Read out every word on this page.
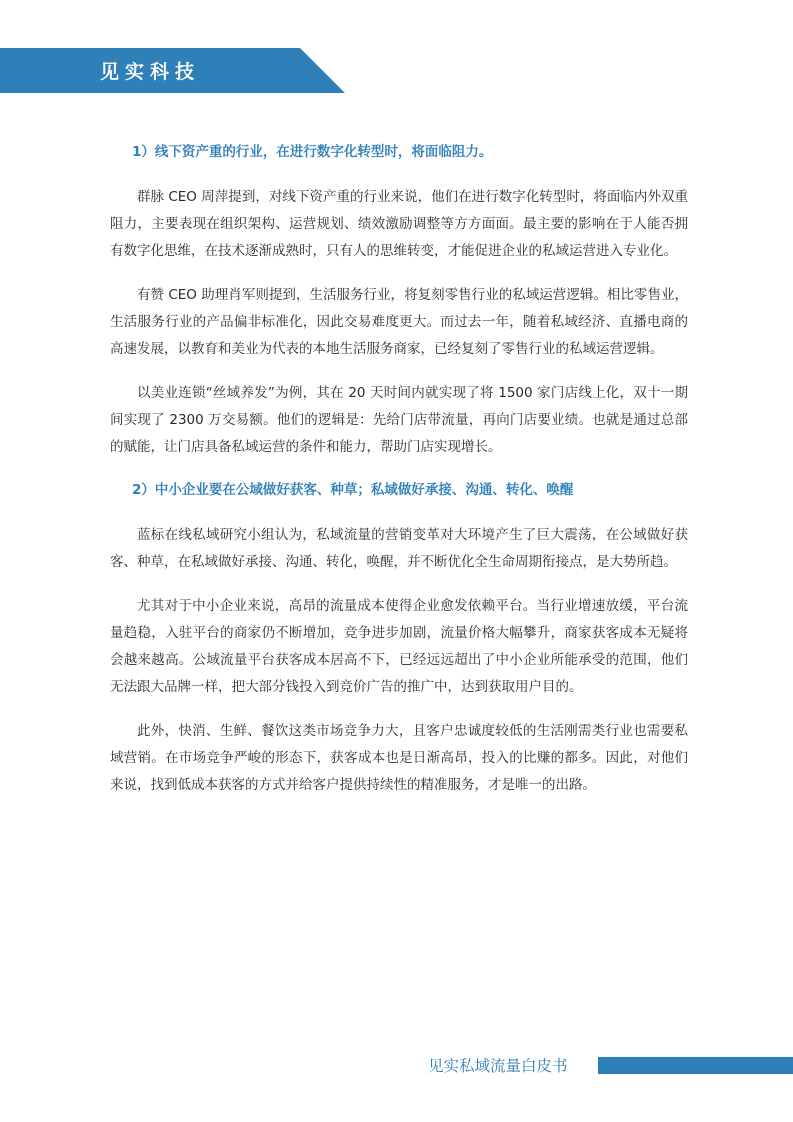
见实科技
1）线下资产重的行业，在进行数字化转型时，将面临阻力。

群脉 CEO 周萍提到，对线下资产重的行业来说，他们在进行数字化转型时，将面临内外双重阻力，主要表现在组织架构、运营规划、绩效激励调整等方方面面。最主要的影响在于人能否拥有数字化思维，在技术逐渐成熟时，只有人的思维转变，才能促进企业的私域运营进入专业化。

有赞 CEO 助理肖军则提到，生活服务行业，将复刻零售行业的私域运营逻辑。相比零售业，生活服务行业的产品偏非标准化，因此交易难度更大。而过去一年，随着私域经济、直播电商的高速发展，以教育和美业为代表的本地生活服务商家，已经复刻了零售行业的私域运营逻辑。

以美业连锁“丝域养发”为例，其在 20 天时间内就实现了将 1500 家门店线上化，双十一期间实现了 2300 万交易额。他们的逻辑是：先给门店带流量，再向门店要业绩。也就是通过总部的赋能，让门店具备私域运营的条件和能力，帮助门店实现增长。

2）中小企业要在公域做好获客、种草；私域做好承接、沟通、转化、唤醒

蓝标在线私域研究小组认为，私域流量的营销变革对大环境产生了巨大震荡，在公域做好获客、种草，在私域做好承接、沟通、转化，唤醒，并不断优化全生命周期衔接点，是大势所趋。

尤其对于中小企业来说，高昂的流量成本使得企业愈发依赖平台。当行业增速放缓，平台流量趋稳，入驻平台的商家仍不断增加，竞争进步加剧，流量价格大幅攀升，商家获客成本无疑将会越来越高。公域流量平台获客成本居高不下，已经远远超出了中小企业所能承受的范围，他们无法跟大品牌一样，把大部分钱投入到竞价广告的推广中，达到获取用户目的。

此外，快消、生鲜、餐饮这类市场竞争力大，且客户忠诚度较低的生活刚需类行业也需要私域营销。在市场竞争严峻的形态下，获客成本也是日渐高昂，投入的比赚的都多。因此，对他们来说，找到低成本获客的方式并给客户提供持续性的精准服务，才是唯一的出路。

见实私域流量白皮书
